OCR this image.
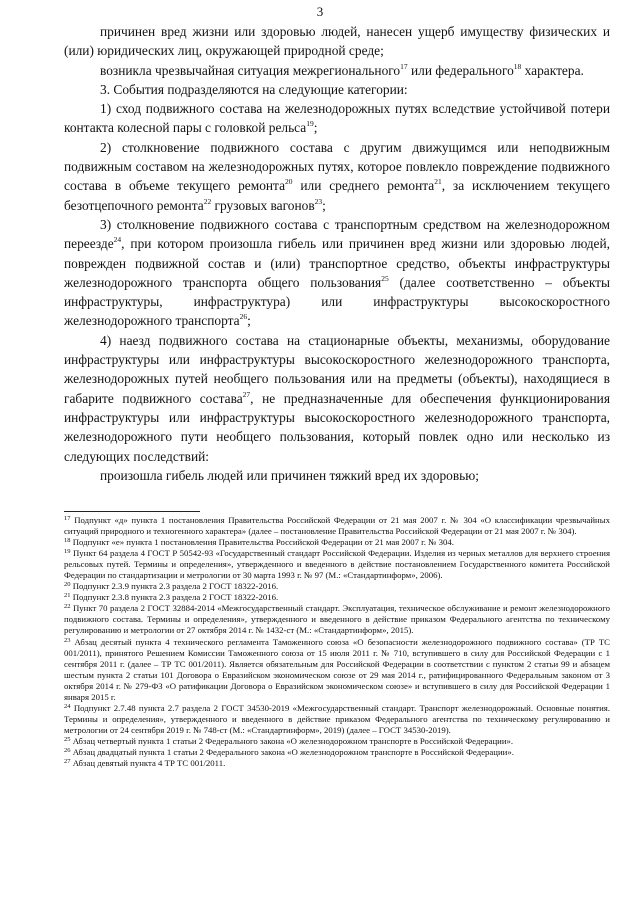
3

причинен вред жизни или здоровью людей, нанесен ущерб имуществу физических и (или) юридических лиц, окружающей природной среде;

возникла чрезвычайная ситуация межрегионального$^{17}$ или федерального$^{18}$ характера.

3. События подразделяются на следующие категории:

1) сход подвижного состава на железнодорожных путях вследствие устойчивой потери контакта колесной пары с головкой рельса$^{19}$;

2) столкновение подвижного состава с другим движущимся или неподвижным подвижным составом на железнодорожных путях, которое повлекло повреждение подвижного состава в объеме текущего ремонта$^{20}$ или среднего ремонта$^{21}$, за исключением текущего безотцепочного ремонта$^{22}$ грузовых вагонов$^{23}$;

3) столкновение подвижного состава с транспортным средством на железнодорожном переезде$^{24}$, при котором произошла гибель или причинен вред жизни или здоровью людей, поврежден подвижной состав и (или) транспортное средство, объекты инфраструктуры железнодорожного транспорта общего пользования$^{25}$ (далее соответственно – объекты инфраструктуры, инфраструктура) или инфраструктуры высокоскоростного железнодорожного транспорта$^{26}$;

4) наезд подвижного состава на стационарные объекты, механизмы, оборудование инфраструктуры или инфраструктуры высокоскоростного железнодорожного транспорта, железнодорожных путей необщего пользования или на предметы (объекты), находящиеся в габарите подвижного состава$^{27}$, не предназначенные для обеспечения функционирования инфраструктуры или инфраструктуры высокоскоростного железнодорожного транспорта, железнодорожного пути необщего пользования, который повлек одно или несколько из следующих последствий:

произошла гибель людей или причинен тяжкий вред их здоровью;

$^{17}$ Подпункт «д» пункта 1 постановления Правительства Российской Федерации от 21 мая 2007 г. № 304 «О классификации чрезвычайных ситуаций природного и техногенного характера» (далее – постановление Правительства Российской Федерации от 21 мая 2007 г. № 304).

$^{18}$ Подпункт «е» пункта 1 постановления Правительства Российской Федерации от 21 мая 2007 г. № 304.

$^{19}$ Пункт 64 раздела 4 ГОСТ Р 50542-93 «Государственный стандарт Российской Федерации. Изделия из черных металлов для верхнего строения рельсовых путей. Термины и определения», утвержденного и введенного в действие постановлением Государственного комитета Российской Федерации по стандартизации и метрологии от 30 марта 1993 г. № 97 (М.: «Стандартинформ», 2006).

$^{20}$ Подпункт 2.3.9 пункта 2.3 раздела 2 ГОСТ 18322-2016.

$^{21}$ Подпункт 2.3.8 пункта 2.3 раздела 2 ГОСТ 18322-2016.

$^{22}$ Пункт 70 раздела 2 ГОСТ 32884-2014 «Межгосударственный стандарт. Эксплуатация, техническое обслуживание и ремонт железнодорожного подвижного состава. Термины и определения», утвержденного и введенного в действие приказом Федерального агентства по техническому регулированию и метрологии от 27 октября 2014 г. № 1432-ст (М.: «Стандартинформ», 2015).

$^{23}$ Абзац десятый пункта 4 технического регламента Таможенного союза «О безопасности железнодорожного подвижного состава» (ТР ТС 001/2011), принятого Решением Комиссии Таможенного союза от 15 июля 2011 г. № 710, вступившего в силу для Российской Федерации с 1 сентября 2011 г. (далее – ТР ТС 001/2011). Является обязательным для Российской Федерации в соответствии с пунктом 2 статьи 99 и абзацем шестым пункта 2 статьи 101 Договора о Евразийском экономическом союзе от 29 мая 2014 г., ратифицированного Федеральным законом от 3 октября 2014 г. № 279-ФЗ «О ратификации Договора о Евразийском экономическом союзе» и вступившего в силу для Российской Федерации 1 января 2015 г.

$^{24}$ Подпункт 2.7.48 пункта 2.7 раздела 2 ГОСТ 34530-2019 «Межгосударственный стандарт. Транспорт железнодорожный. Основные понятия. Термины и определения», утвержденного и введенного в действие приказом Федерального агентства по техническому регулированию и метрологии от 24 сентября 2019 г. № 748-ст (М.: «Стандартинформ», 2019) (далее – ГОСТ 34530-2019).

$^{25}$ Абзац четвертый пункта 1 статьи 2 Федерального закона «О железнодорожном транспорте в Российской Федерации».

$^{26}$ Абзац двадцатый пункта 1 статьи 2 Федерального закона «О железнодорожном транспорте в Российской Федерации».

$^{27}$ Абзац девятый пункта 4 ТР ТС 001/2011.
